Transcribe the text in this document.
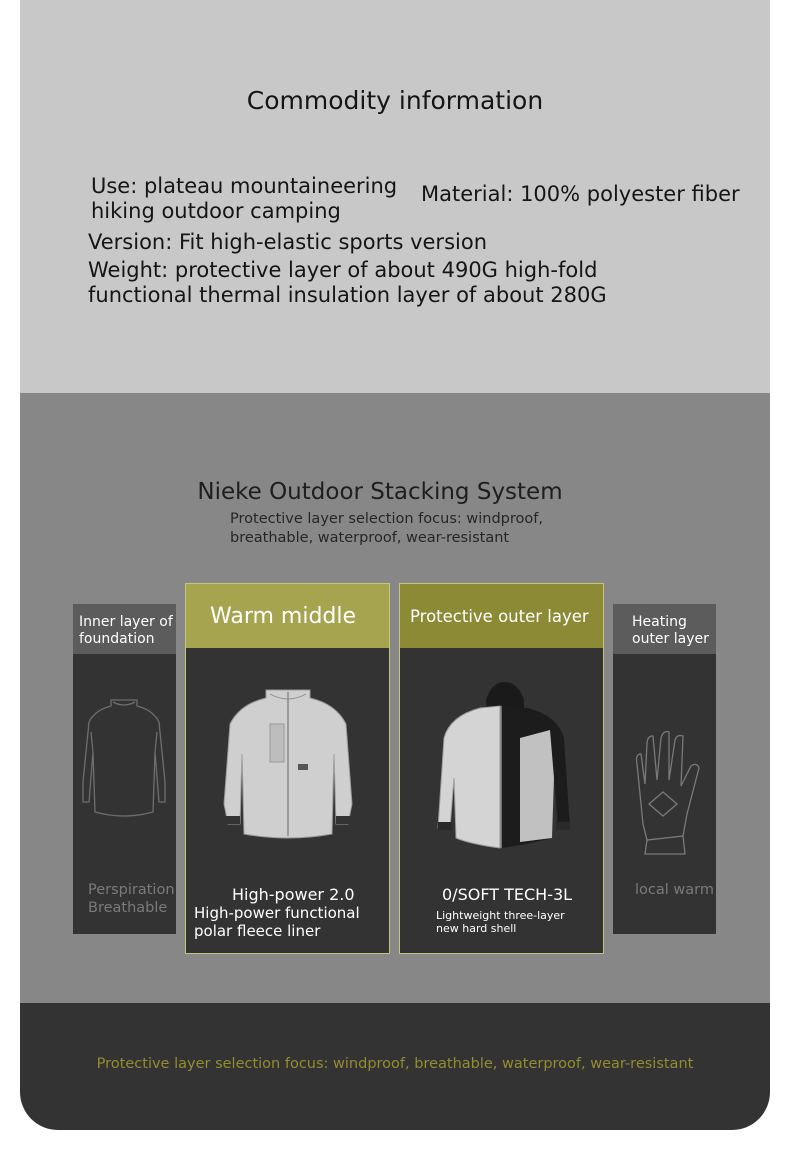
Commodity information
Use: plateau mountaineering
hiking outdoor camping
Material: 100% polyester fiber
Version: Fit high-elastic sports version
Weight: protective layer of about 490G high-fold
functional thermal insulation layer of about 280G
Nieke Outdoor Stacking System
Protective layer selection focus: windproof,
breathable, waterproof, wear-resistant
Inner layer of
foundation
Perspiration
Breathable
Warm middle
High-power 2.0
High-power functional
polar fleece liner
Protective outer layer
0/SOFT TECH-3L
Lightweight three-layer
new hard shell
Heating
outer layer
local warm
Protective layer selection focus: windproof, breathable, waterproof, wear-resistant
